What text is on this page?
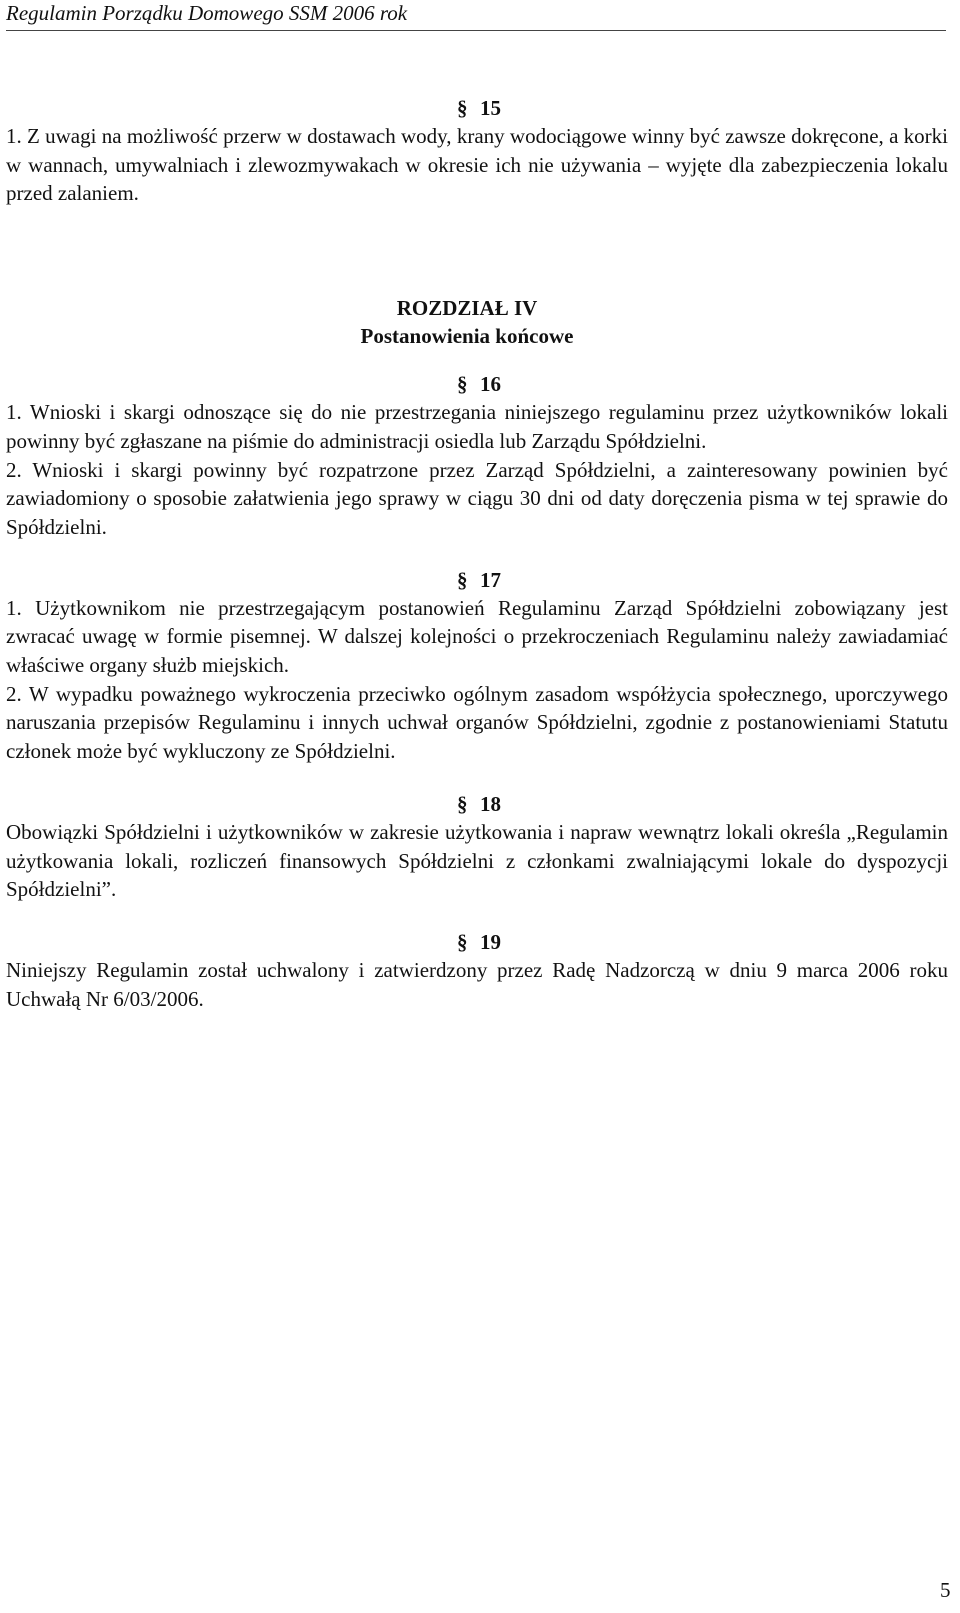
Regulamin Porządku Domowego SSM 2006 rok
§ 15
1. Z uwagi na możliwość przerw w dostawach wody, krany wodociągowe winny być zawsze dokręcone, a korki w wannach, umywalniach i zlewozmywakach w okresie ich nie używania – wyjęte dla zabezpieczenia lokalu przed zalaniem.
ROZDZIAŁ IV
Postanowienia końcowe
§ 16
1. Wnioski i skargi odnoszące się do nie przestrzegania niniejszego regulaminu przez użytkowników lokali powinny być zgłaszane na piśmie do administracji osiedla lub Zarządu Spółdzielni.
2. Wnioski i skargi powinny być rozpatrzone przez Zarząd Spółdzielni, a zainteresowany powinien być zawiadomiony o sposobie załatwienia jego sprawy w ciągu 30 dni od daty doręczenia pisma w tej sprawie do Spółdzielni.
§ 17
1. Użytkownikom nie przestrzegającym postanowień Regulaminu Zarząd Spółdzielni zobowiązany jest zwracać uwagę w formie pisemnej. W dalszej kolejności o przekroczeniach Regulaminu należy zawiadamiać właściwe organy służb miejskich.
2. W wypadku poważnego wykroczenia przeciwko ogólnym zasadom współżycia społecznego, uporczywego naruszania przepisów Regulaminu i innych uchwał organów Spółdzielni, zgodnie z postanowieniami Statutu członek może być wykluczony ze Spółdzielni.
§ 18
Obowiązki Spółdzielni i użytkowników w zakresie użytkowania i napraw wewnątrz lokali określa „Regulamin użytkowania lokali, rozliczeń finansowych Spółdzielni z członkami zwalniającymi lokale do dyspozycji Spółdzielni”.
§ 19
Niniejszy Regulamin został uchwalony i zatwierdzony przez Radę Nadzorczą w dniu 9 marca 2006 roku Uchwałą Nr 6/03/2006.
5
